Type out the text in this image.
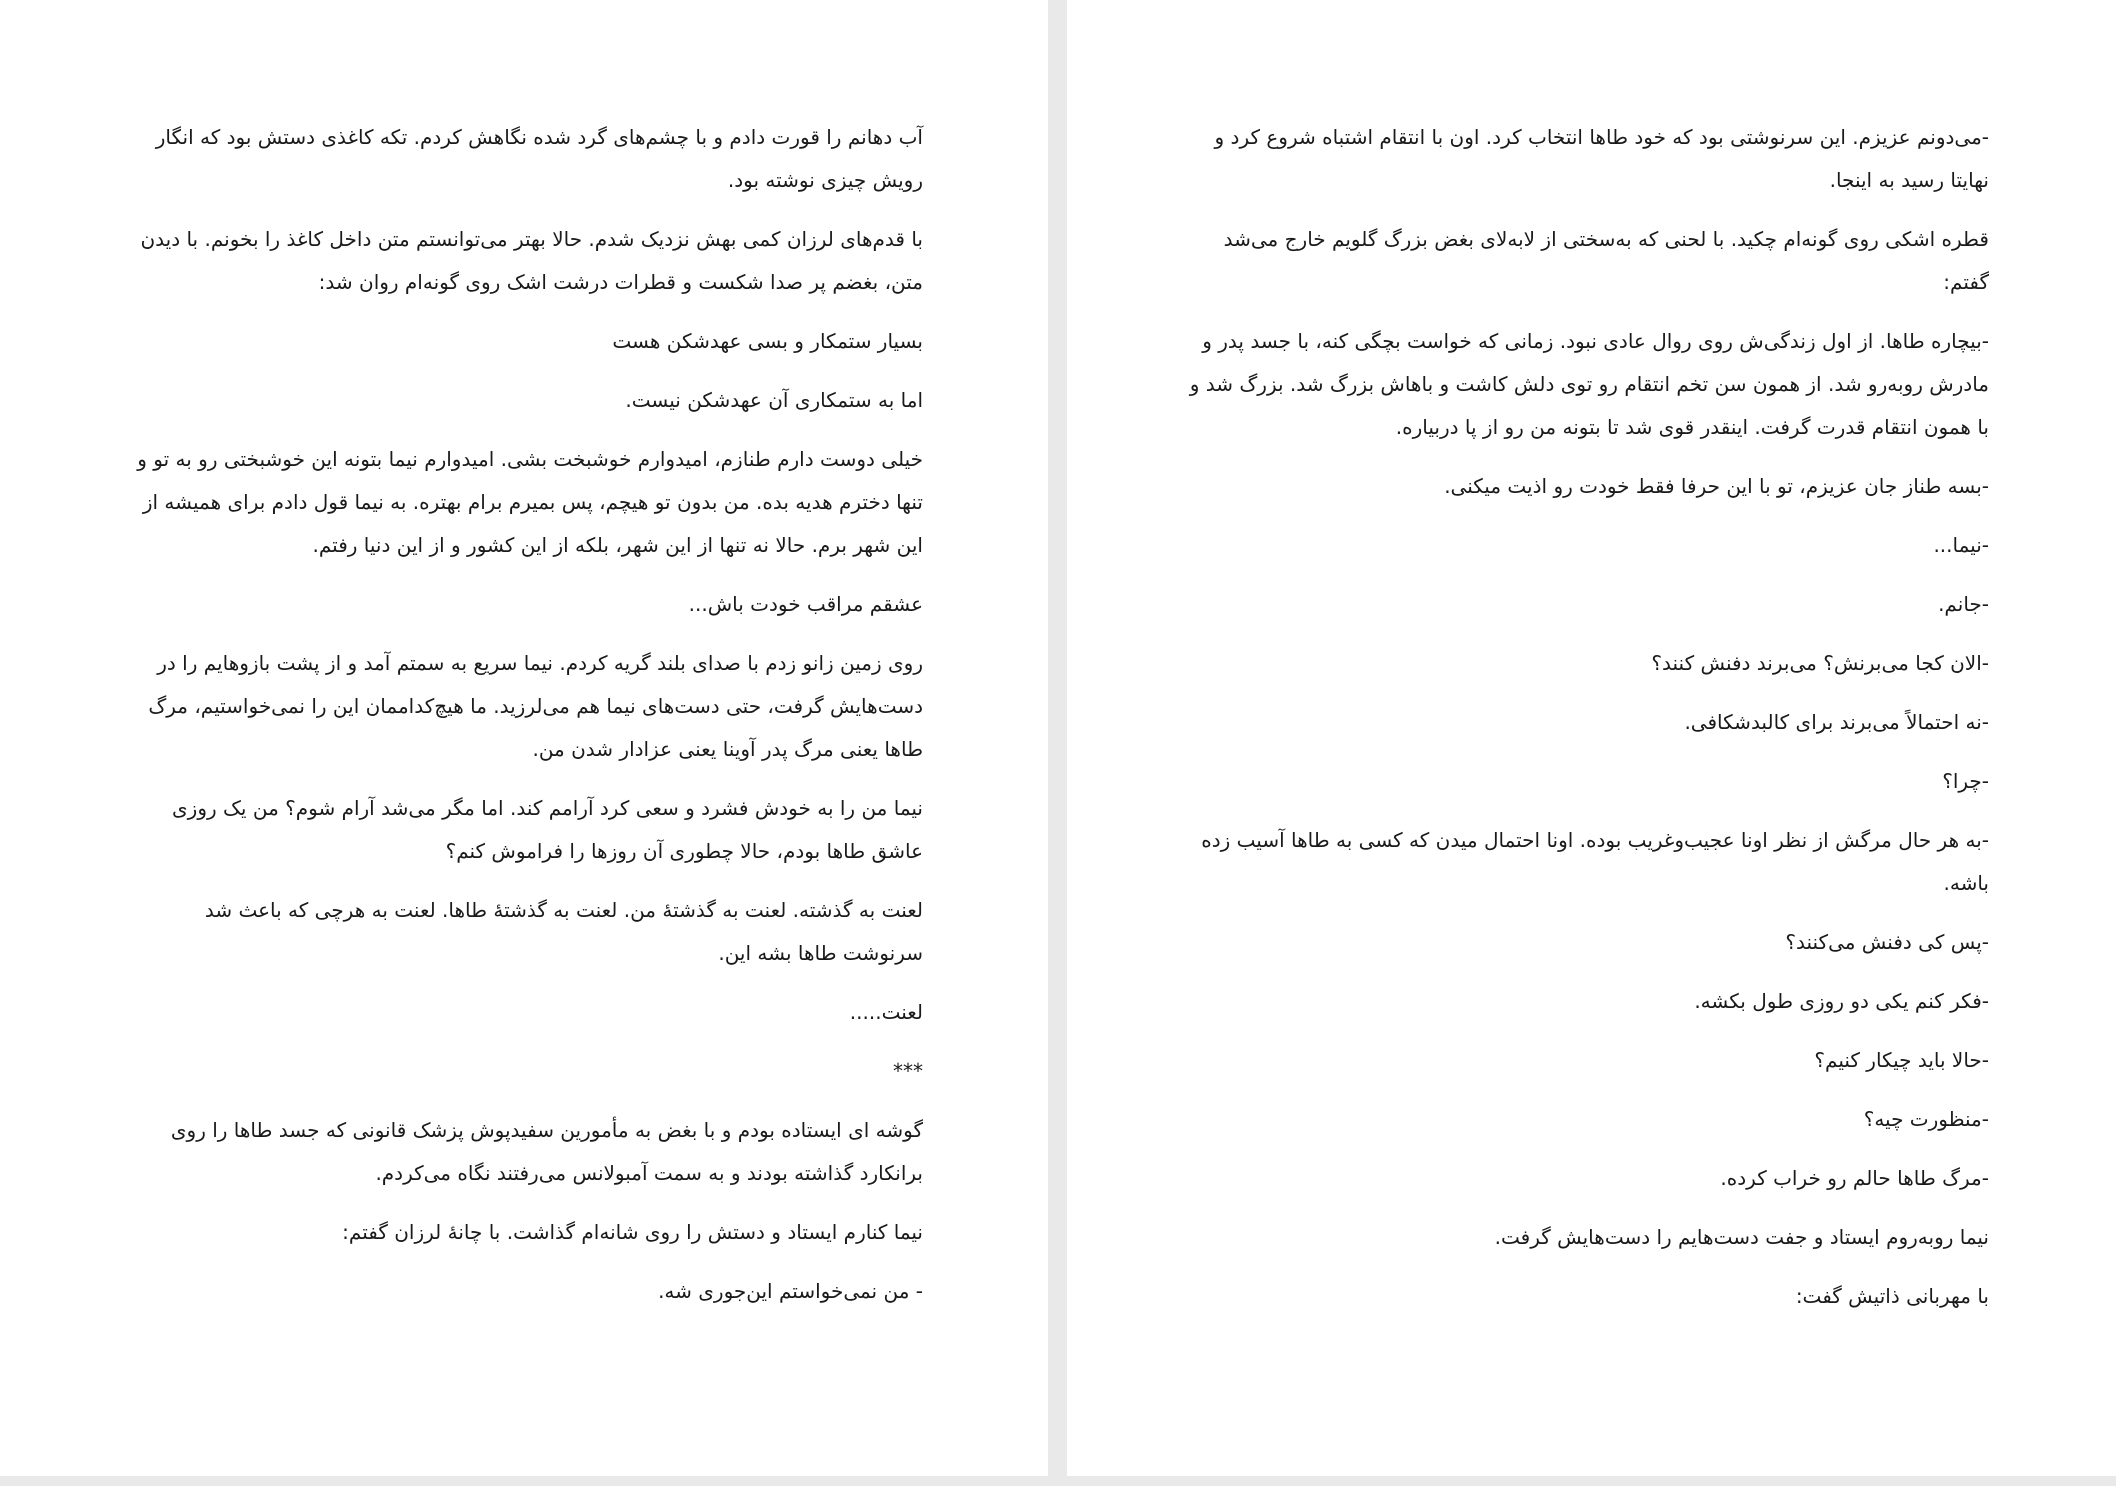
آب دهانم را قورت دادم و با چشم‌های گرد شده نگاهش کردم. تکه کاغذی دستش بود که انگار رویش چیزی نوشته بود.

با قدم‌های لرزان کمی بهش نزدیک شدم. حالا بهتر می‌توانستم متن داخل کاغذ را بخونم. با دیدن متن، بغضم پر صدا شکست و قطرات درشت اشک روی گونه‌ام روان شد:

بسیار ستمکار و بسی عهدشکن هست

اما به ستمکاری آن عهدشکن نیست.

خیلی دوست دارم طنازم، امیدوارم خوشبخت بشی. امیدوارم نیما بتونه این خوشبختی رو به تو و تنها دخترم هدیه بده. من بدون تو هیچم، پس بمیرم برام بهتره. به نیما قول دادم برای همیشه از این شهر برم. حالا نه تنها از این شهر، بلکه از این کشور و از این دنیا رفتم.

عشقم مراقب خودت باش...

روی زمین زانو زدم با صدای بلند گریه کردم. نیما سریع به سمتم آمد و از پشت بازوهایم را در دست‌هایش گرفت، حتی دست‌های نیما هم می‌لرزید. ما هیچ‌کداممان این را نمی‌خواستیم، مرگ طاها یعنی مرگ پدر آوینا یعنی عزادار شدن من.

نیما من را به خودش فشرد و سعی کرد آرامم کند. اما مگر می‌شد آرام شوم؟ من یک روزی عاشق طاها بودم، حالا چطوری آن روزها را فراموش کنم؟

لعنت به گذشته. لعنت به گذشتهٔ من. لعنت به گذشتهٔ طاها. لعنت به هرچی که باعث شد سرنوشت طاها بشه این.

لعنت.....

***

گوشه ای ایستاده بودم و با بغض به مأمورین سفیدپوش پزشک قانونی که جسد طاها را روی برانکارد گذاشته بودند و به سمت آمبولانس می‌رفتند نگاه می‌کردم.

نیما کنارم ایستاد و دستش را روی شانه‌ام گذاشت. با چانهٔ لرزان گفتم:

- من نمی‌خواستم این‌جوری شه.

-می‌دونم عزیزم. این سرنوشتی بود که خود طاها انتخاب کرد. اون با انتقام اشتباه شروع کرد و نهایتا رسید به اینجا.

قطره اشکی روی گونه‌ام چکید. با لحنی که به‌سختی از لابه‌لای بغض بزرگ گلویم خارج می‌شد گفتم:

-بیچاره طاها. از اول زندگی‌ش روی روال عادی نبود. زمانی که خواست بچگی کنه، با جسد پدر و مادرش روبه‌رو شد. از همون سن تخم انتقام رو توی دلش کاشت و باهاش بزرگ شد. بزرگ شد و با همون انتقام قدرت گرفت. اینقدر قوی شد تا بتونه من رو از پا دربیاره.

-بسه طناز جان عزیزم، تو با این حرفا فقط خودت رو اذیت میکنی.

-نیما...

-جانم.

-الان کجا می‌برنش؟ می‌برند دفنش کنند؟

-نه احتمالاً می‌برند برای کالبدشکافی.

-چرا؟

-به هر حال مرگش از نظر اونا عجیب‌وغریب بوده. اونا احتمال میدن که کسی به طاها آسیب زده باشه.

-پس کی دفنش می‌کنند؟

-فکر کنم یکی دو روزی طول بکشه.

-حالا باید چیکار کنیم؟

-منظورت چیه؟

-مرگ طاها حالم رو خراب کرده.

نیما روبه‌روم ایستاد و جفت دست‌هایم را دست‌هایش گرفت.

با مهربانی ذاتیش گفت:
